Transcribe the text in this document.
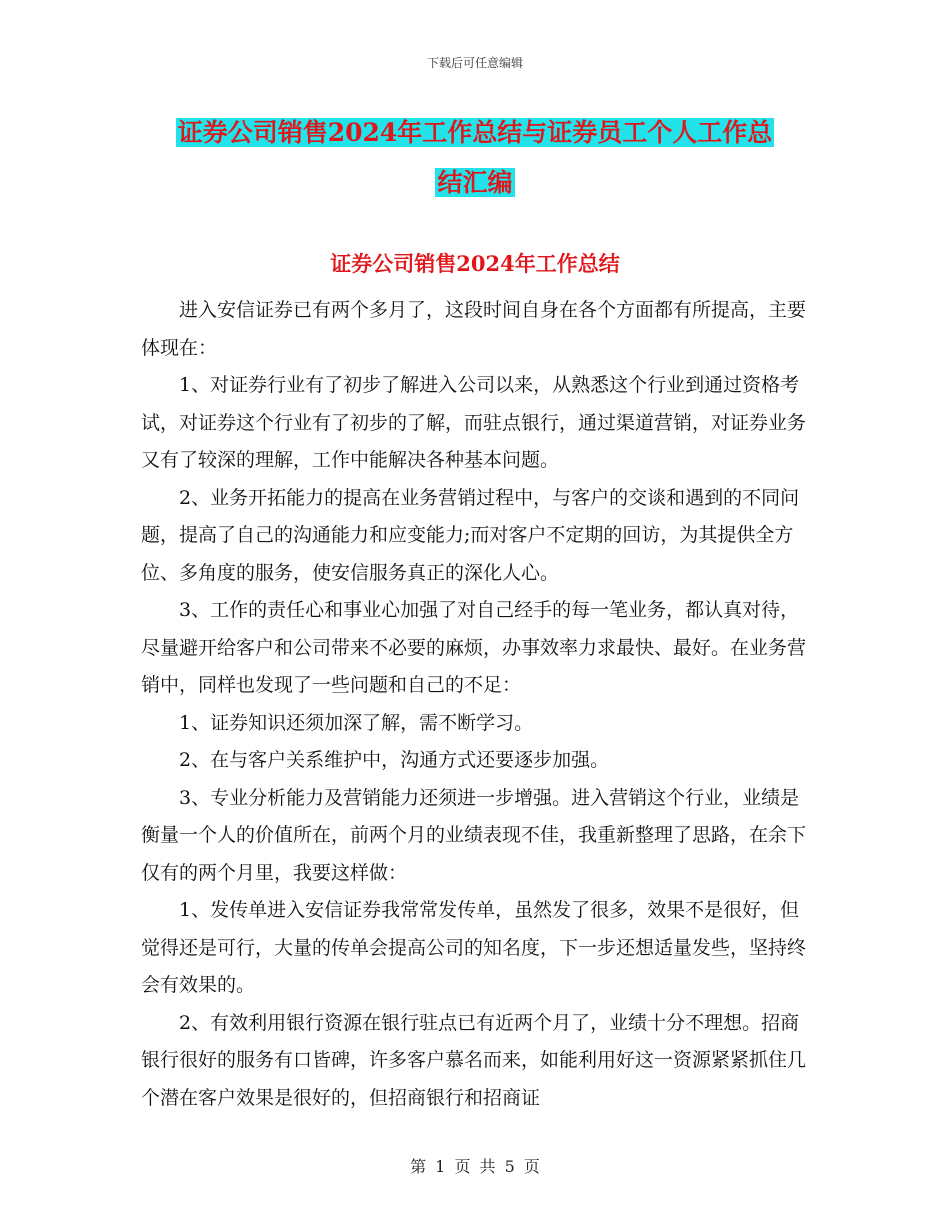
下载后可任意编辑
证券公司销售2024年工作总结与证券员工个人工作总
结汇编
证券公司销售2024年工作总结

进入安信证券已有两个多月了，这段时间自身在各个方面都有所提高，主要体现在：

1、对证券行业有了初步了解进入公司以来，从熟悉这个行业到通过资格考试，对证券这个行业有了初步的了解，而驻点银行，通过渠道营销，对证券业务又有了较深的理解，工作中能解决各种基本问题。

2、业务开拓能力的提高在业务营销过程中，与客户的交谈和遇到的不同问题，提高了自己的沟通能力和应变能力;而对客户不定期的回访，为其提供全方位、多角度的服务，使安信服务真正的深化人心。

3、工作的责任心和事业心加强了对自己经手的每一笔业务，都认真对待，尽量避开给客户和公司带来不必要的麻烦，办事效率力求最快、最好。在业务营销中，同样也发现了一些问题和自己的不足：

1、证券知识还须加深了解，需不断学习。

2、在与客户关系维护中，沟通方式还要逐步加强。

3、专业分析能力及营销能力还须进一步增强。进入营销这个行业，业绩是衡量一个人的价值所在，前两个月的业绩表现不佳，我重新整理了思路，在余下仅有的两个月里，我要这样做：

1、发传单进入安信证券我常常发传单，虽然发了很多，效果不是很好，但觉得还是可行，大量的传单会提高公司的知名度，下一步还想适量发些，坚持终会有效果的。

2、有效利用银行资源在银行驻点已有近两个月了，业绩十分不理想。招商银行很好的服务有口皆碑，许多客户慕名而来，如能利用好这一资源紧紧抓住几个潜在客户效果是很好的，但招商银行和招商证

第 1 页 共 5 页
